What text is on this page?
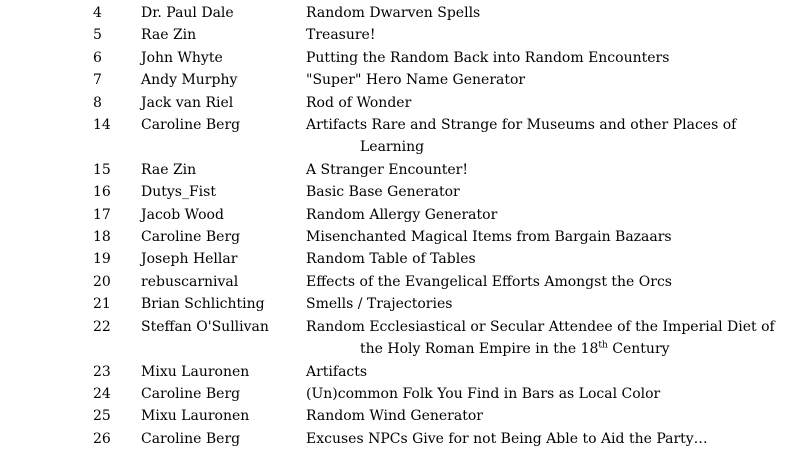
4	Dr. Paul Dale	Random Dwarven Spells
5	Rae Zin	Treasure!
6	John Whyte	Putting the Random Back into Random Encounters
7	Andy Murphy	"Super" Hero Name Generator
8	Jack van Riel	Rod of Wonder
14 Caroline Berg	Artifacts Rare and Strange for Museums and other Places of Learning
15 Rae Zin	A Stranger Encounter!
16 Dutys_Fist	Basic Base Generator
17 Jacob Wood	Random Allergy Generator
18 Caroline Berg	Misenchanted Magical Items from Bargain Bazaars
19 Joseph Hellar	Random Table of Tables
20 rebuscarnival	Effects of the Evangelical Efforts Amongst the Orcs
21 Brian Schlichting	Smells / Trajectories
22 Steffan O'Sullivan	Random Ecclesiastical or Secular Attendee of the Imperial Diet of the Holy Roman Empire in the 18th Century
23 Mixu Lauronen	Artifacts
24 Caroline Berg	(Un)common Folk You Find in Bars as Local Color
25 Mixu Lauronen	Random Wind Generator
26 Caroline Berg	Excuses NPCs Give for not Being Able to Aid the Party…
